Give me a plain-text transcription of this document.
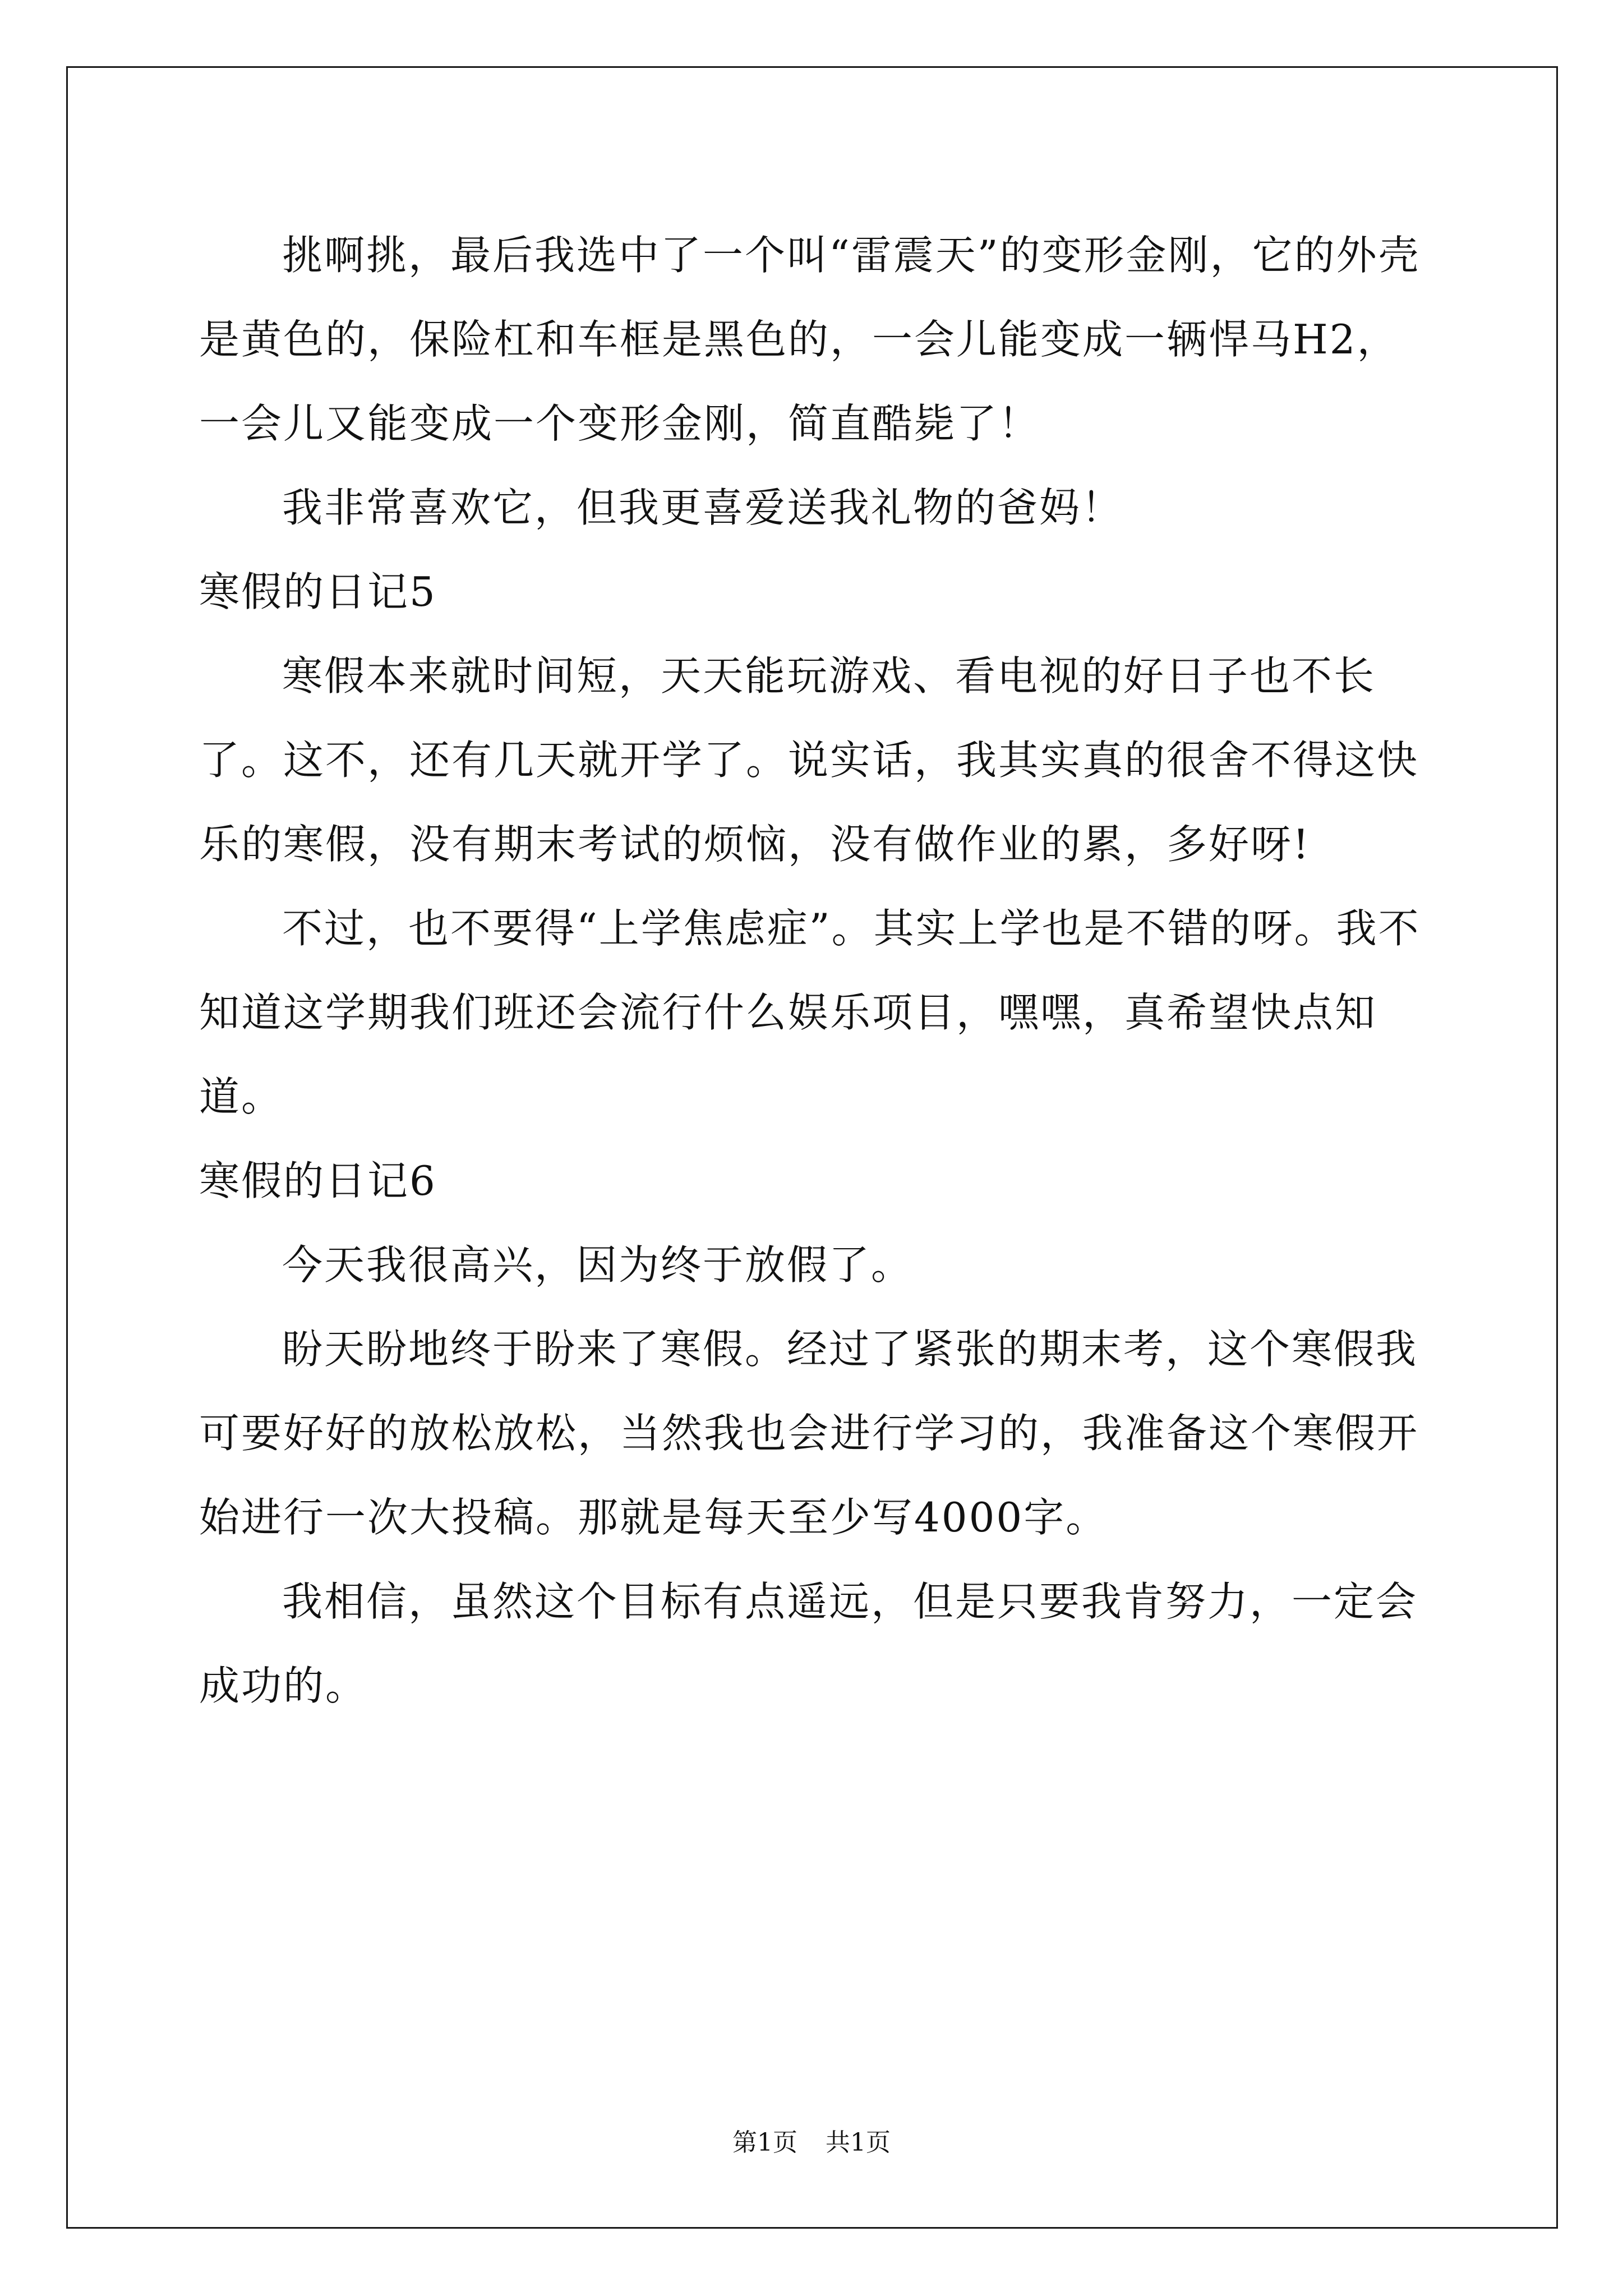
挑啊挑，最后我选中了一个叫“雷震天”的变形金刚，它的外壳是黄色的，保险杠和车框是黑色的，一会儿能变成一辆悍马H2，一会儿又能变成一个变形金刚，简直酷毙了！

我非常喜欢它，但我更喜爱送我礼物的爸妈！

寒假的日记5

寒假本来就时间短，天天能玩游戏、看电视的好日子也不长了。这不，还有几天就开学了。说实话，我其实真的很舍不得这快乐的寒假，没有期末考试的烦恼，没有做作业的累，多好呀!

不过，也不要得“上学焦虑症”。其实上学也是不错的呀。我不知道这学期我们班还会流行什么娱乐项目，嘿嘿，真希望快点知道。

寒假的日记6

今天我很高兴，因为终于放假了。

盼天盼地终于盼来了寒假。经过了紧张的期末考，这个寒假我可要好好的放松放松，当然我也会进行学习的，我准备这个寒假开始进行一次大投稿。那就是每天至少写4000字。

我相信，虽然这个目标有点遥远，但是只要我肯努力，一定会成功的。

第1页 共1页
